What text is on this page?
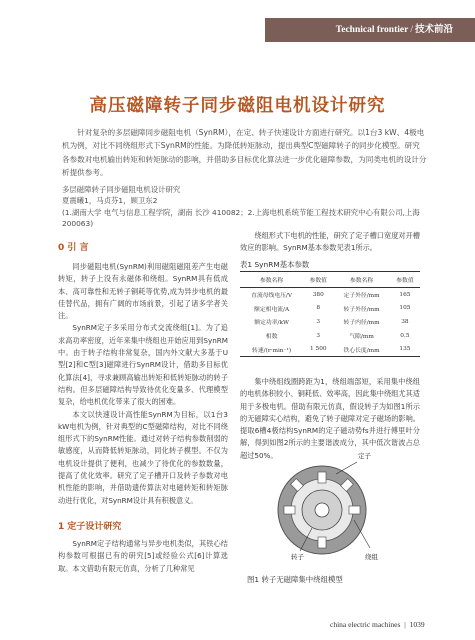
Technical frontier / 技术前沿
高压磁障转子同步磁阻电机设计研究
针对复杂的多层磁障同步磁阻电机（SynRM），在定、转子快速设计方面进行研究。以1台3 kW、4极电机为例，对比不同绕组形式下SynRM的性能。为降低转矩脉动，提出典型C型磁障转子的同步化模型。研究各参数对电机输出转矩和转矩脉动的影响，并借助多目标优化算法进一步优化磁障参数，为同类电机的设计分析提供参考。
多层磁障转子同步磁阻电机设计研究
夏震曦1，马贞芬1，顾卫东2
(1.湖南大学 电气与信息工程学院，湖南 长沙 410082；2.上海电机系统节能工程技术研究中心有限公司,上海 200063)
0 引 言

同步磁阻电机(SynRM)利用磁阻磁阻差产生电磁转矩，转子上没有永磁体和绕组。SynRM具有低成本、高可靠性和无转子铜耗等优势,成为异步电机的最佳替代品，拥有广阔的市场前景，引起了诸多学者关注。

SynRM定子多采用分布式交流绕组[1]。为了追求高功率密度，近年来集中绕组也开始应用到SynRM中。由于转子结构非常复杂，国内外文献大多基于U型[2]和C型[3]磁障进行SynRM设计，借助多目标优化算法[4]，寻求兼顾高输出转矩和低转矩脉动的转子结构。但多层磁障结构导致待优化变量多、代理模型复杂，给电机优化带来了很大的困难。

本文以快速设计高性能SynRM为目标，以1台3 kW电机为例，针对典型的C型磁障结构，对比不同绕组形式下的SynRM性能。通过对转子结构参数削弱的敏感度，从而降低转矩脉动，同化转子模型。不仅为电机设计提供了便利，也减少了待优化的参数数量，提高了优化效率。研究了定子槽开口及转子参数对电机性能的影响，并借助遗传算法对电磁转矩和转矩脉动进行优化，对SynRM设计具有积极意义。

1 定子设计研究

SynRM定子结构通常与异步电机类似，其铁心结构参数可根据已有的研究[5]或经验公式[6]计算选取。本文借助有限元仿真，分析了几种常见

绕组形式下电机的性能，研究了定子槽口宽度对开槽效应的影响。SynRM基本参数见表1所示。

表1 SynRM基本参数
参数名称	参数值	参数名称	参数值
直流母线电压/V	380	定子外径/mm	165
额定相电流/A	8	转子外径/mm	105
额定功率/kW	3	转子内径/mm	38
相数	3	气隙/mm	0.5
转速/(r·min⁻¹)	1 500	铁心长度/mm	135

集中绕组线圈跨距为1，绕组端部短，采用集中绕组的电机体积较小、铜耗低、效率高，因此集中绕组尤其适用于多极电机。借助有限元仿真，假设转子为如图1所示的无磁障实心结构，避免了转子磁障对定子磁场的影响。提取6槽4极结构SynRM的定子磁动势fs并进行傅里叶分解，得到如图2所示的主要谐波成分，其中低次谐波占总超过50%。	定子
转子	绕组
图1 转子无磁障集中绕组模型
china electric machines | 1039
